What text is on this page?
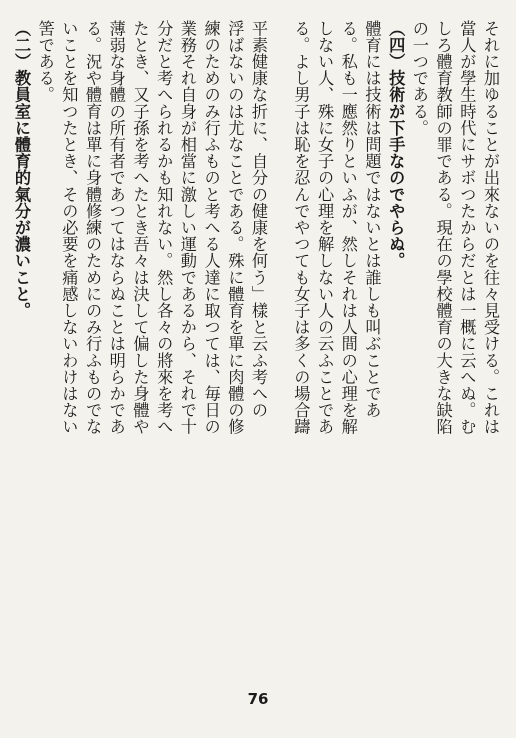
それに加ゆることが出來ないのを往々見受ける。これは
當人が學生時代にサボつたからだとは一概に云へぬ。む
しろ體育教師の罪である。現在の學校體育の大きな缺陷
の一つである。
（四）技術が下手なのでやらぬ。
體育には技術は問題ではないとは誰しも叫ぶことであ
る。私も一應然りといふが、然しそれは人間の心理を解
しない人、殊に女子の心理を解しない人の云ふことであ
る。よし男子は恥を忍んでやつても女子は多くの場合躊
平素健康な折に、自分の健康を何う」樣と云ふ考への
浮ばないのは尤なことである。殊に體育を單に肉體の修
練のためのみ行ふものと考へる人達に取つては、毎日の
業務それ自身が相當に激しい運動であるから、それで十
分だと考へられるかも知れない。然し各々の將來を考へ
たとき、又子孫を考へたとき吾々は決して偏した身體や
薄弱な身體の所有者であつてはならぬことは明らかであ
る。況や體育は單に身體修練のためにのみ行ふものでな
いことを知つたとき、その必要を痛感しないわけはない
筈である。
（二）教員室に體育的氣分が濃いこと。
76
